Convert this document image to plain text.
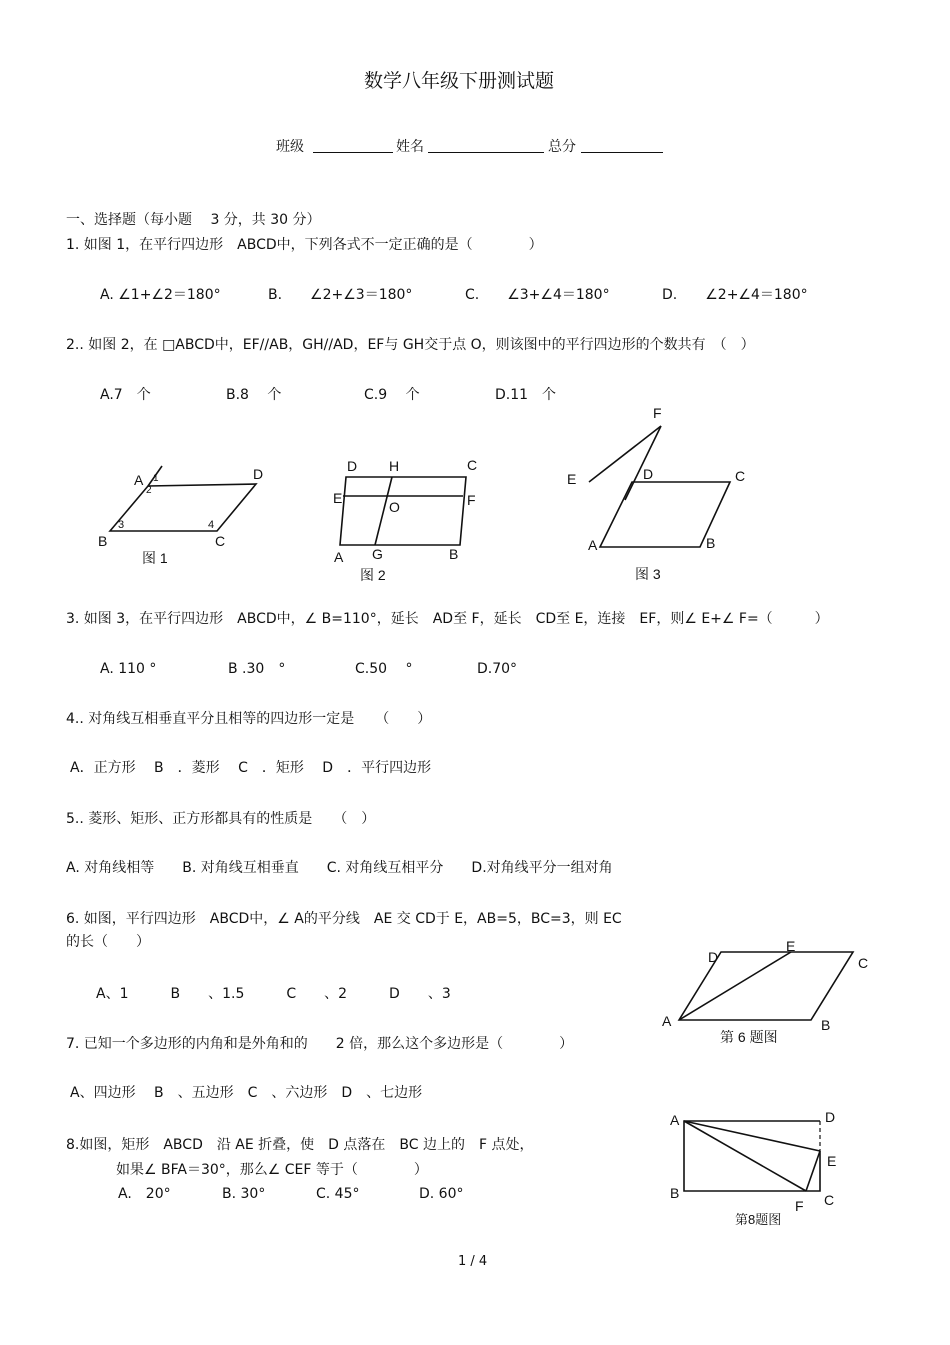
数学八年级下册测试题
班级	姓名	总分
一、选择题（每小题　 3 分，共 30 分）
1. 如图 1，在平行四边形　ABCD中，下列各式不一定正确的是（　　　　）
A. ∠1+∠2＝180°	B.　　∠2+∠3＝180°	C.　　∠3+∠4＝180°	D.　　∠2+∠4＝180°
2.. 如图 2，在 □ABCD中，EF//AB，GH//AD，EF与 GH交于点 O，则该图中的平行四边形的个数共有　（　）
A.7　个	B.8　 个	C.9　 个	D.11　个
A
B	C
D
1
2
3	4
图 1
D H	C
E
O	F
A G	B
图 2
F
E	D	C
A	B
图 3
3. 如图 3，在平行四边形　ABCD中，∠ B=110°，延长　AD至 F，延长　CD至 E，连接　EF，则∠ E+∠ F=（　　　）
A. 110 °	B .30　°	C.50　 °	D.70°
4.. 对角线互相垂直平分且相等的四边形一定是　　（　　）
A．正方形　 B　．菱形　 C　．矩形　 D　．平行四边形
5.. 菱形、矩形、正方形都具有的性质是　　（　）
A. 对角线相等　　B. 对角线互相垂直　　C. 对角线互相平分　　D.对角线平分一组对角
6. 如图，平行四边形　ABCD中，∠ A的平分线　AE 交 CD于 E，AB=5，BC=3，则 EC
的长（　　）
A、1　　　B　　、1.5　　　C　　、2　　　D　　、3
D
E
C
A	B
第 6 题图
7. 已知一个多边形的内角和是外角和的　　2 倍，那么这个多边形是（　　　　）
A、四边形　 B　、五边形　C　、六边形　D　、七边形
8.如图，矩形　ABCD　沿 AE 折叠，使　D 点落在　BC 边上的　F 点处，
如果∠ BFA＝30°，那么∠ CEF 等于（　　　　）
A.　20°	B. 30°	C. 45°	D. 60°
A	D
E
B
F C
第8题图
1 / 4
